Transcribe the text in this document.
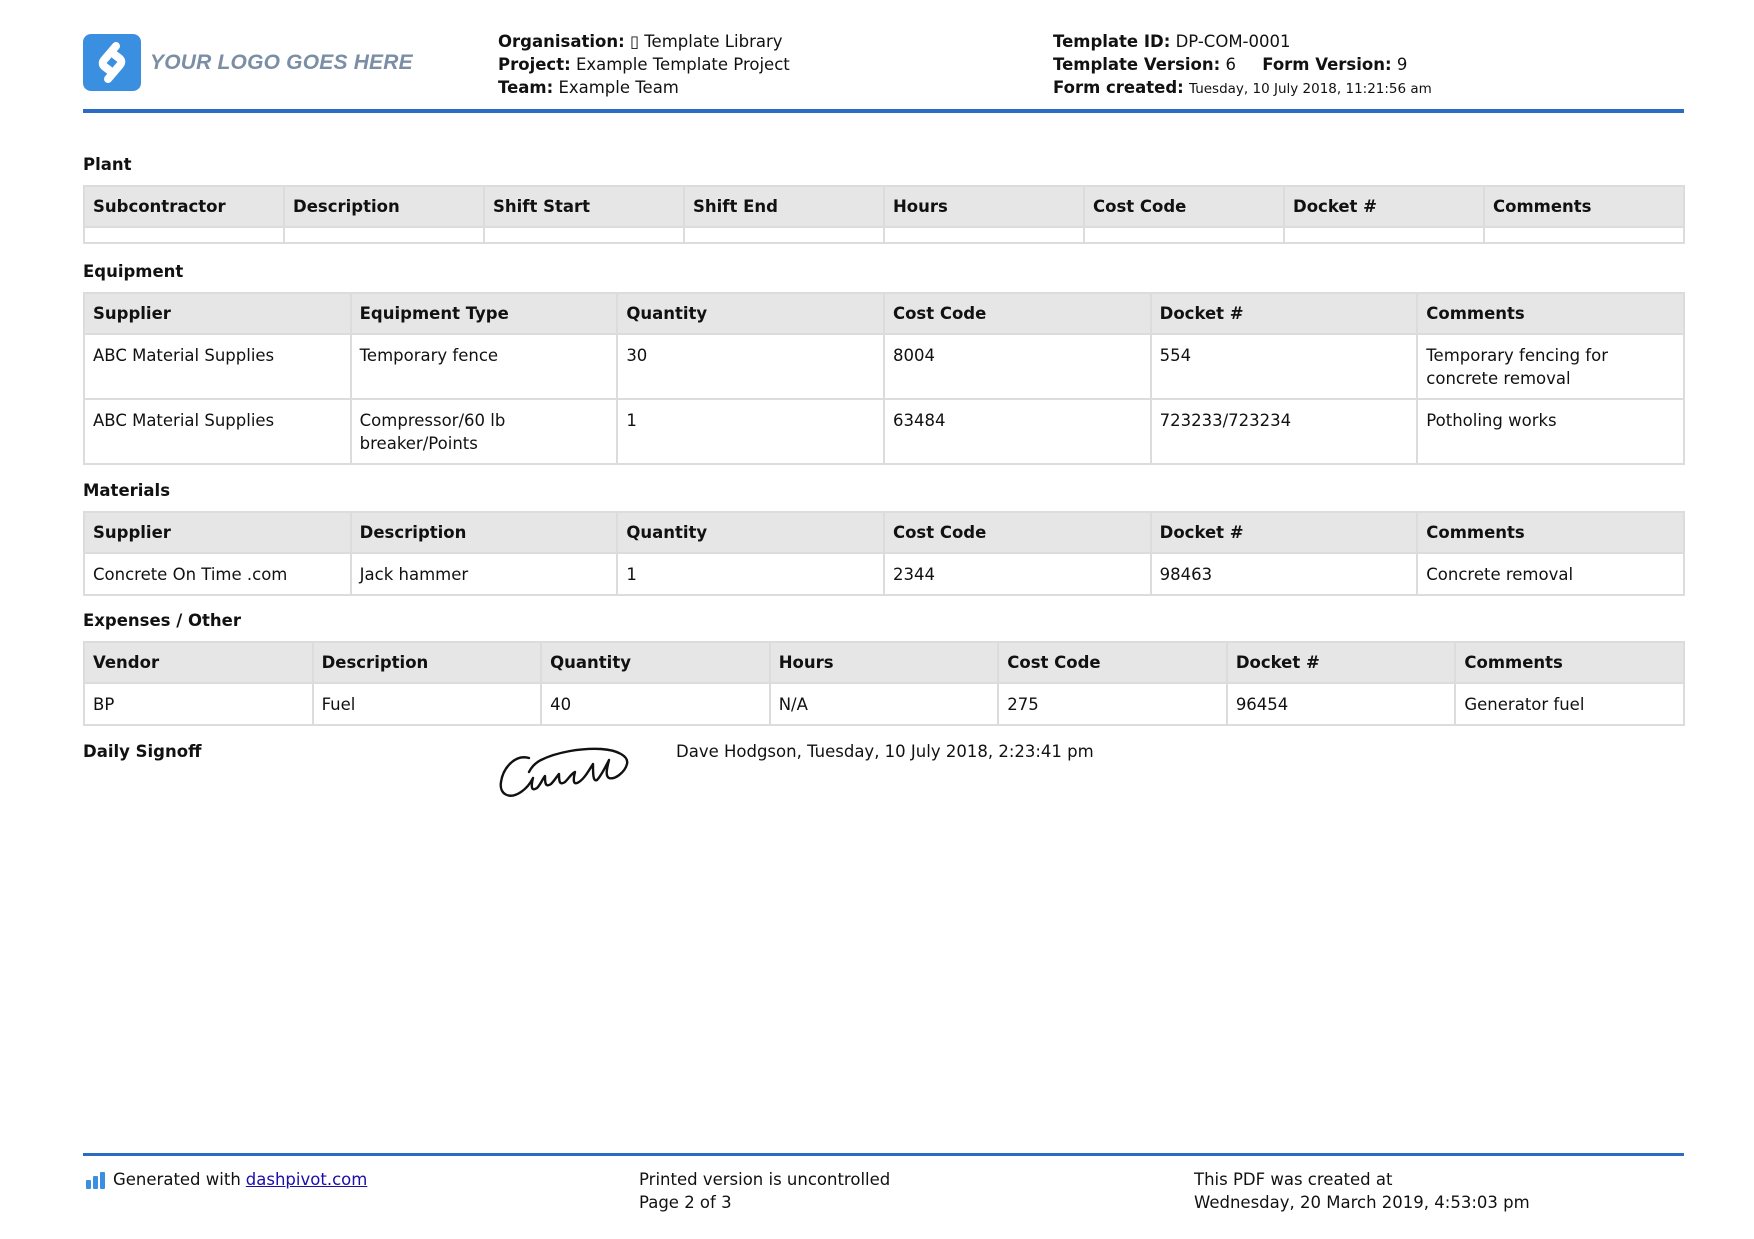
YOUR LOGO GOES HERE
Organisation: ▯ Template Library
Project: Example Template Project
Team: Example Team
Template ID: DP-COM-0001
Template Version: 6 Form Version: 9
Form created: Tuesday, 10 July 2018, 11:21:56 am
Plant
Subcontractor	Description	Shift Start	Shift End	Hours	Cost Code	Docket #	Comments

Equipment
Supplier	Equipment Type	Quantity	Cost Code	Docket #	Comments
ABC Material Supplies	Temporary fence	30	8004	554	Temporary fencing for concrete removal
ABC Material Supplies	Compressor/60 lb breaker/Points	1	63484	723233/723234	Potholing works
Materials
Supplier	Description	Quantity	Cost Code	Docket #	Comments
Concrete On Time .com	Jack hammer	1	2344	98463	Concrete removal
Expenses / Other
Vendor	Description	Quantity	Hours	Cost Code	Docket #	Comments
BP	Fuel	40	N/A	275	96454	Generator fuel
Daily Signoff	Dave Hodgson, Tuesday, 10 July 2018, 2:23:41 pm
Generated with dashpivot.com	Printed version is uncontrolled
Page 2 of 3
This PDF was created at
Wednesday, 20 March 2019, 4:53:03 pm
